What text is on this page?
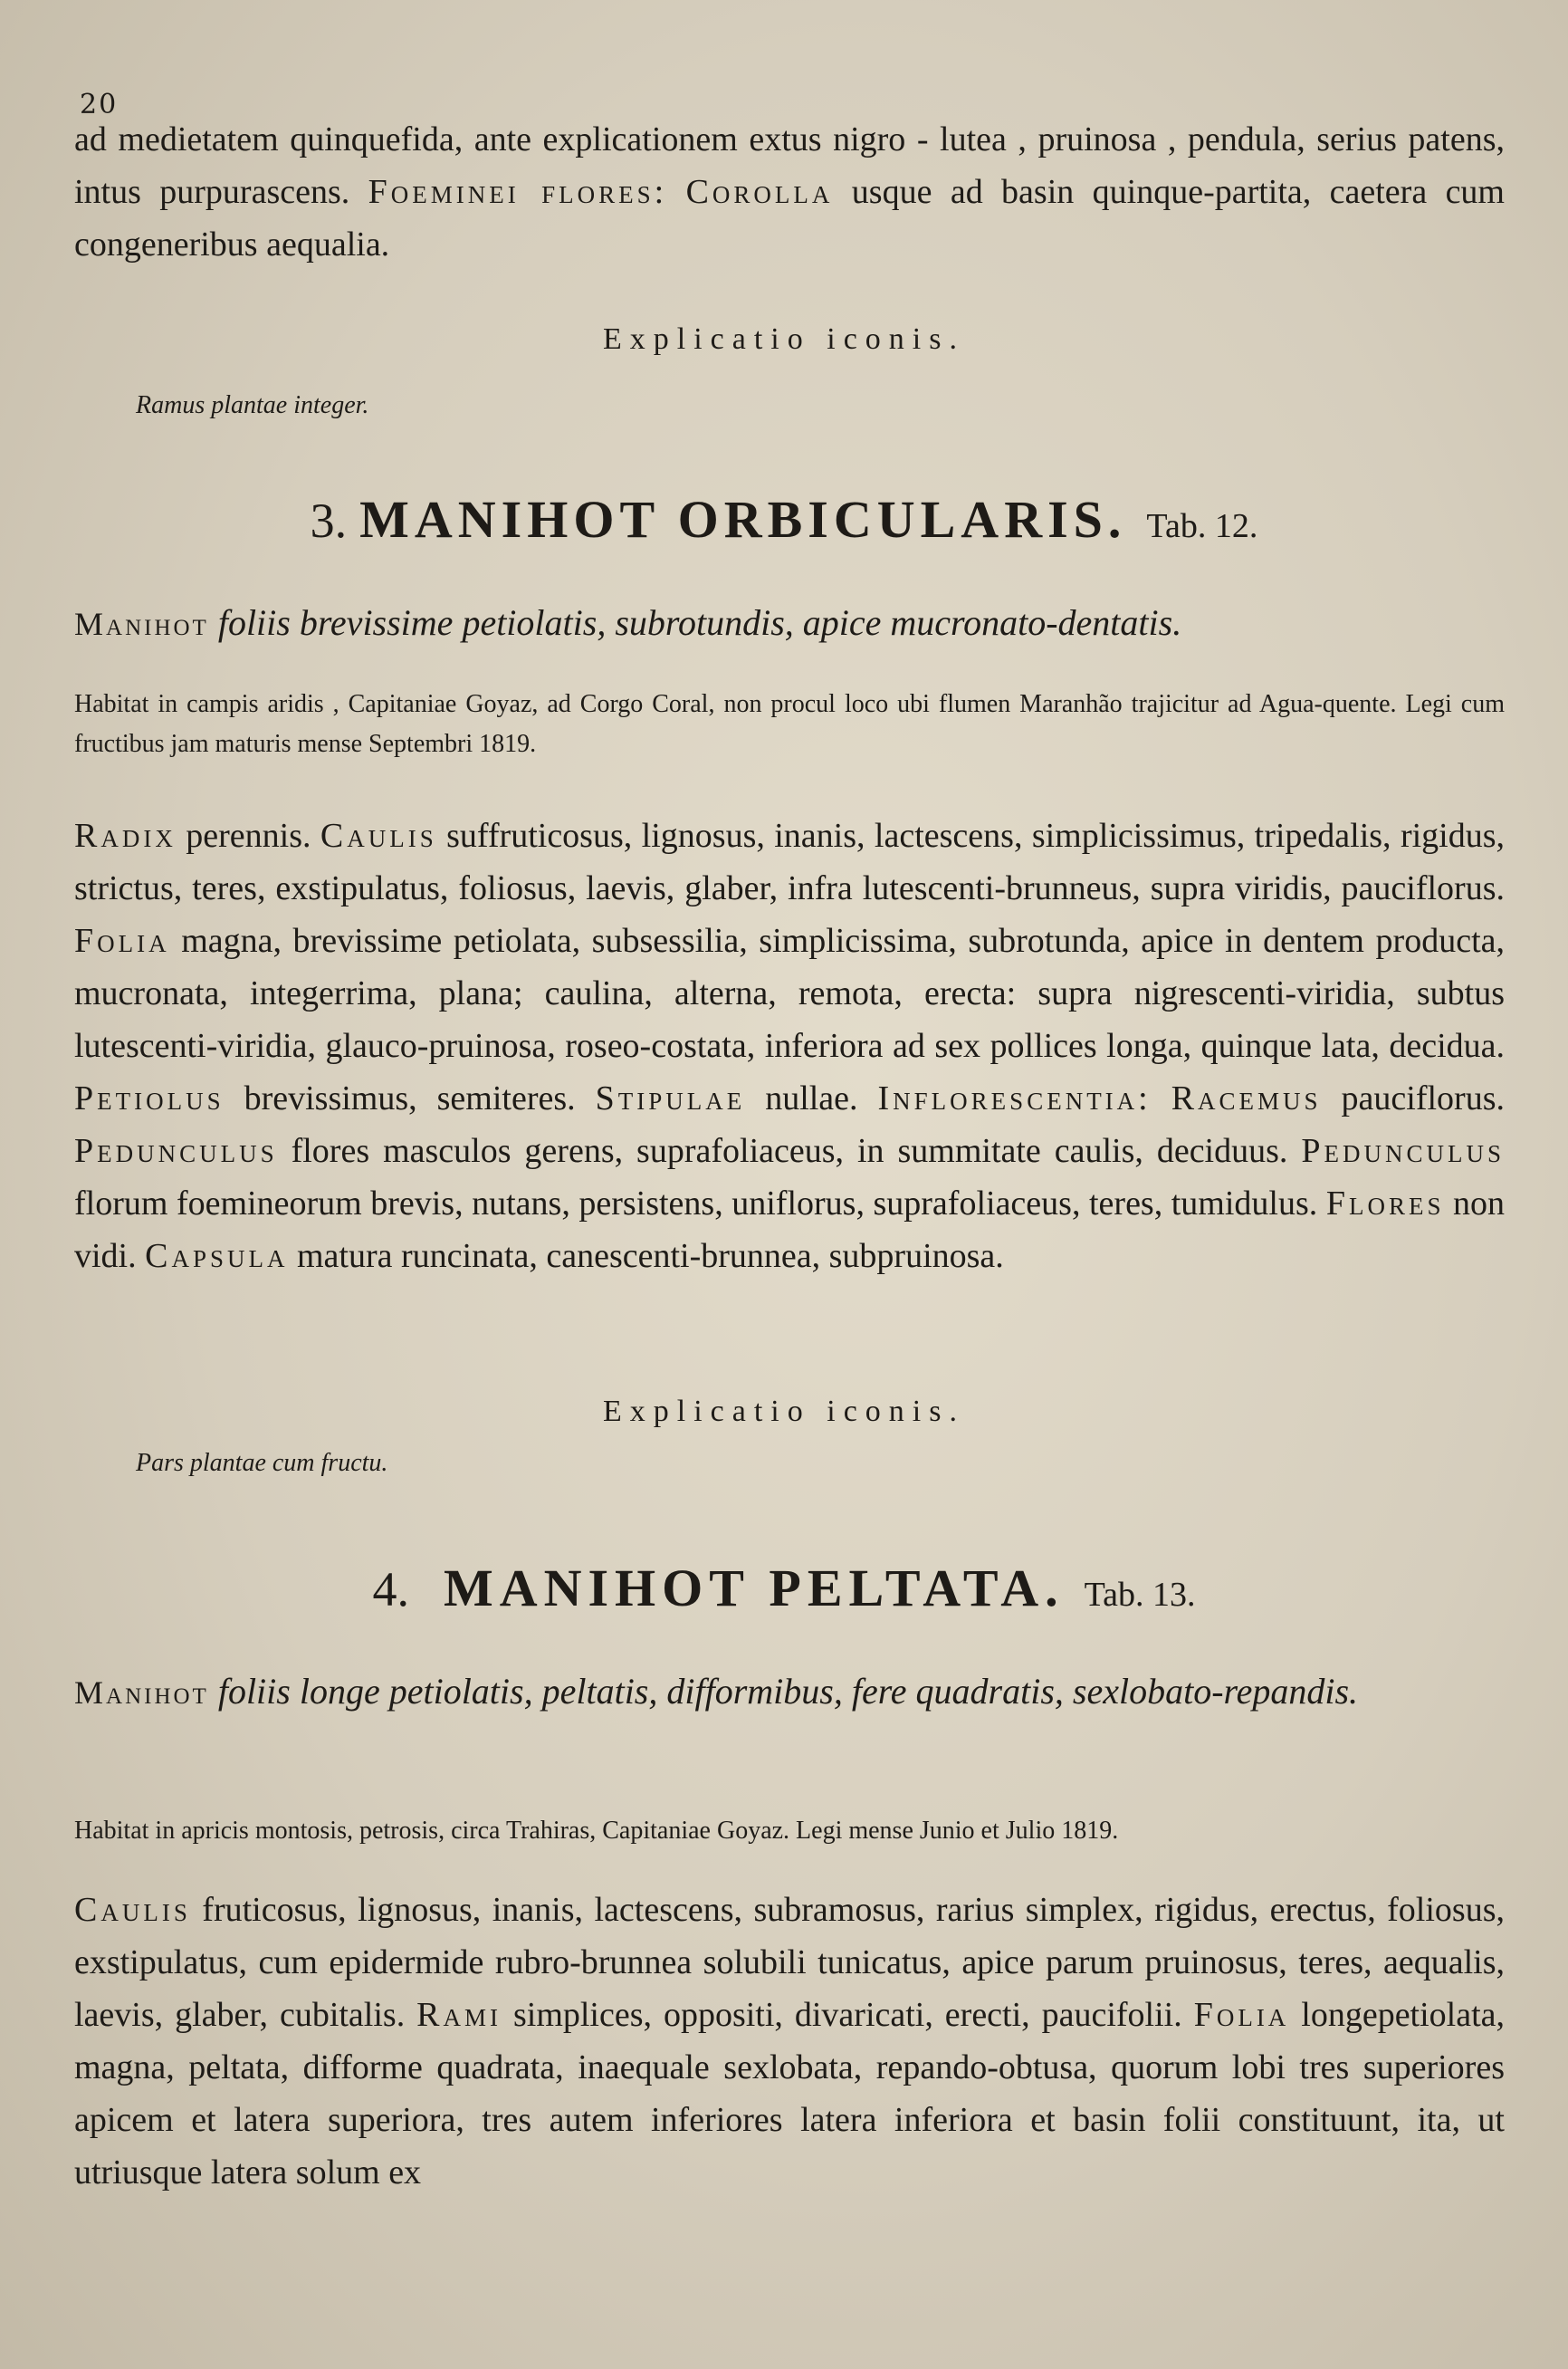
20
ad medietatem quinquefida, ante explicationem extus nigro - lutea , pruinosa , pendula, serius patens, intus purpurascens. Foeminei flores: Corolla usque ad basin quinque-partita, caetera cum congeneribus aequalia.
Explicatio iconis.
Ramus plantae integer.
3. MANIHOT ORBICULARIS. Tab. 12.
Manihot foliis brevissime petiolatis, subrotundis, apice mucronato-dentatis.
Habitat in campis aridis , Capitaniae Goyaz, ad Corgo Coral, non procul loco ubi flumen Maranhão trajicitur ad Agua-quente. Legi cum fructibus jam maturis mense Septembri 1819.
Radix perennis. Caulis suffruticosus, lignosus, inanis, lactescens, simplicissimus, tripedalis, rigidus, strictus, teres, exstipulatus, foliosus, laevis, glaber, infra lutescenti-brunneus, supra viridis, pauciflorus. Folia magna, brevissime petiolata, subsessilia, simplicissima, subrotunda, apice in dentem producta, mucronata, integerrima, plana; caulina, alterna, remota, erecta: supra nigrescenti-viridia, subtus lutescenti-viridia, glauco-pruinosa, roseo-costata, inferiora ad sex pollices longa, quinque lata, decidua. Petiolus brevissimus, semiteres. Stipulae nullae. Inflorescentia: Racemus pauciflorus. Pedunculus flores masculos gerens, suprafoliaceus, in summitate caulis, deciduus. Pedunculus florum foemineorum brevis, nutans, persistens, uniflorus, suprafoliaceus, teres, tumidulus. Flores non vidi. Capsula matura runcinata, canescenti-brunnea, subpruinosa.
Explicatio iconis.
Pars plantae cum fructu.
4. MANIHOT PELTATA. Tab. 13.
Manihot foliis longe petiolatis, peltatis, difformibus, fere quadratis, sexlobato-repandis.
Habitat in apricis montosis, petrosis, circa Trahiras, Capitaniae Goyaz. Legi mense Junio et Julio 1819.
Caulis fruticosus, lignosus, inanis, lactescens, subramosus, rarius simplex, rigidus, erectus, foliosus, exstipulatus, cum epidermide rubro-brunnea solubili tunicatus, apice parum pruinosus, teres, aequalis, laevis, glaber, cubitalis. Rami simplices, oppositi, divaricati, erecti, paucifolii. Folia longepetiolata, magna, peltata, difforme quadrata, inaequale sexlobata, repando-obtusa, quorum lobi tres superiores apicem et latera superiora, tres autem inferiores latera inferiora et basin folii constituunt, ita, ut utriusque latera solum ex
